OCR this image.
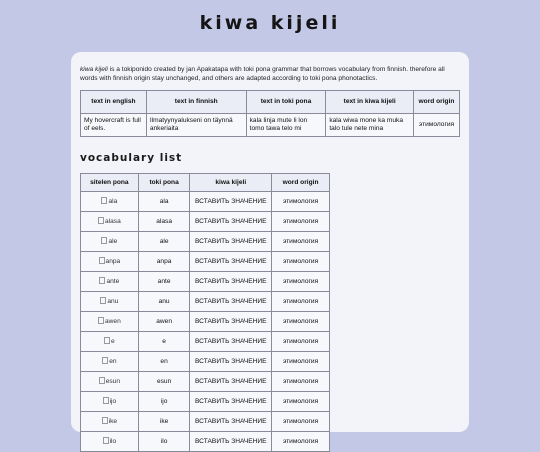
kiwa kijeli
kiwa kijeli is a tokiponido created by jan Apakatapa with toki pona grammar that borrows vocabulary from finnish. therefore all words with finnish origin stay unchanged, and others are adapted according to toki pona phonotactics.
text in english	text in finnish	text in toki pona	text in kiwa kijeli	word origin
My hovercraft is full of eels.	Ilmatyynyalukseni on täynnä ankeriaita	kala linja mute li lon tomo tawa telo mi	kala wiwa mone ka muka talo tule nete mina	этимология
vocabulary list
sitelen pona	toki pona	kiwa kijeli	word origin
ala	ala	ВСТАВИТЬ ЗНАЧЕНИЕ	этимология
alasa	alasa	ВСТАВИТЬ ЗНАЧЕНИЕ	этимология
ale	ale	ВСТАВИТЬ ЗНАЧЕНИЕ	этимология
anpa	anpa	ВСТАВИТЬ ЗНАЧЕНИЕ	этимология
ante	ante	ВСТАВИТЬ ЗНАЧЕНИЕ	этимология
anu	anu	ВСТАВИТЬ ЗНАЧЕНИЕ	этимология
awen	awen	ВСТАВИТЬ ЗНАЧЕНИЕ	этимология
e	e	ВСТАВИТЬ ЗНАЧЕНИЕ	этимология
en	en	ВСТАВИТЬ ЗНАЧЕНИЕ	этимология
esun	esun	ВСТАВИТЬ ЗНАЧЕНИЕ	этимология
ijo	ijo	ВСТАВИТЬ ЗНАЧЕНИЕ	этимология
ike	ike	ВСТАВИТЬ ЗНАЧЕНИЕ	этимология
ilo	ilo	ВСТАВИТЬ ЗНАЧЕНИЕ	этимология
